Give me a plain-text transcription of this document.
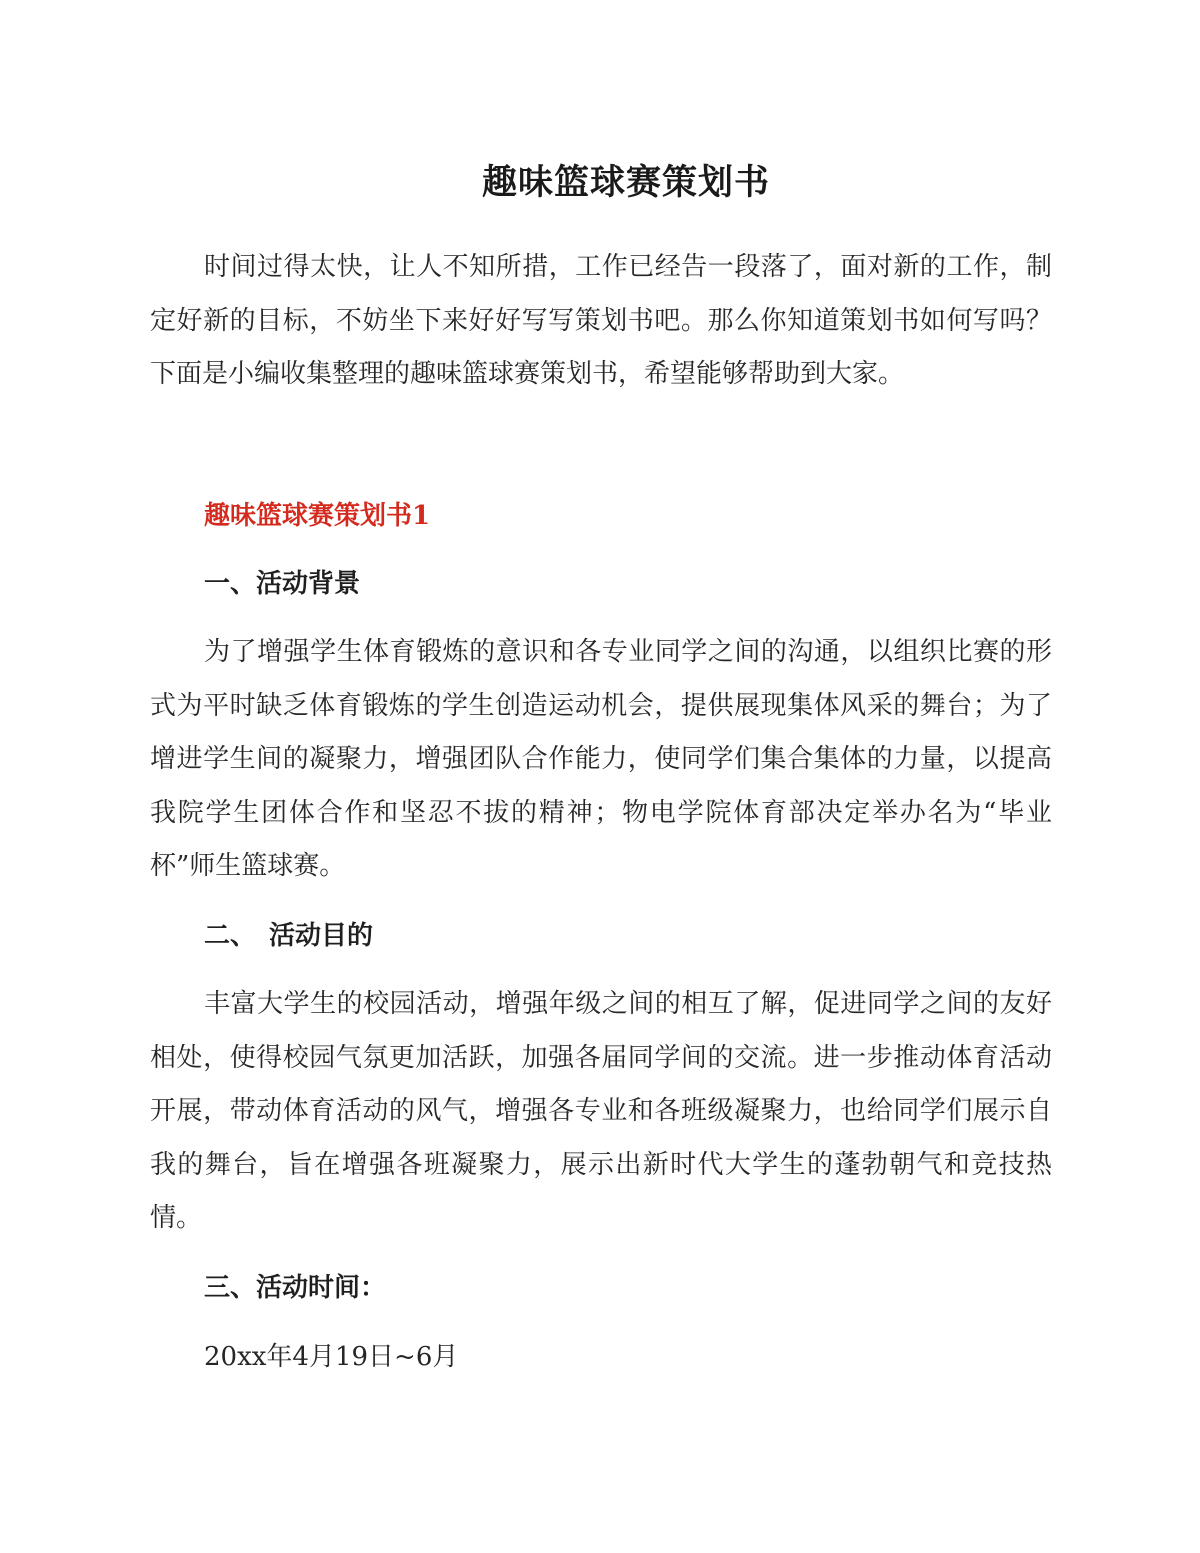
趣味篮球赛策划书
时间过得太快，让人不知所措，工作已经告一段落了，面对新的工作，制定好新的目标，不妨坐下来好好写写策划书吧。那么你知道策划书如何写吗？下面是小编收集整理的趣味篮球赛策划书，希望能够帮助到大家。
趣味篮球赛策划书1
一、活动背景
为了增强学生体育锻炼的意识和各专业同学之间的沟通，以组织比赛的形式为平时缺乏体育锻炼的学生创造运动机会，提供展现集体风采的舞台；为了增进学生间的凝聚力，增强团队合作能力，使同学们集合集体的力量，以提高我院学生团体合作和坚忍不拔的精神；物电学院体育部决定举办名为“毕业杯”师生篮球赛。
二、　活动目的
丰富大学生的校园活动，增强年级之间的相互了解，促进同学之间的友好相处，使得校园气氛更加活跃，加强各届同学间的交流。进一步推动体育活动开展，带动体育活动的风气，增强各专业和各班级凝聚力，也给同学们展示自我的舞台，旨在增强各班凝聚力，展示出新时代大学生的蓬勃朝气和竞技热情。
三、活动时间：
20xx年4月19日~6月
